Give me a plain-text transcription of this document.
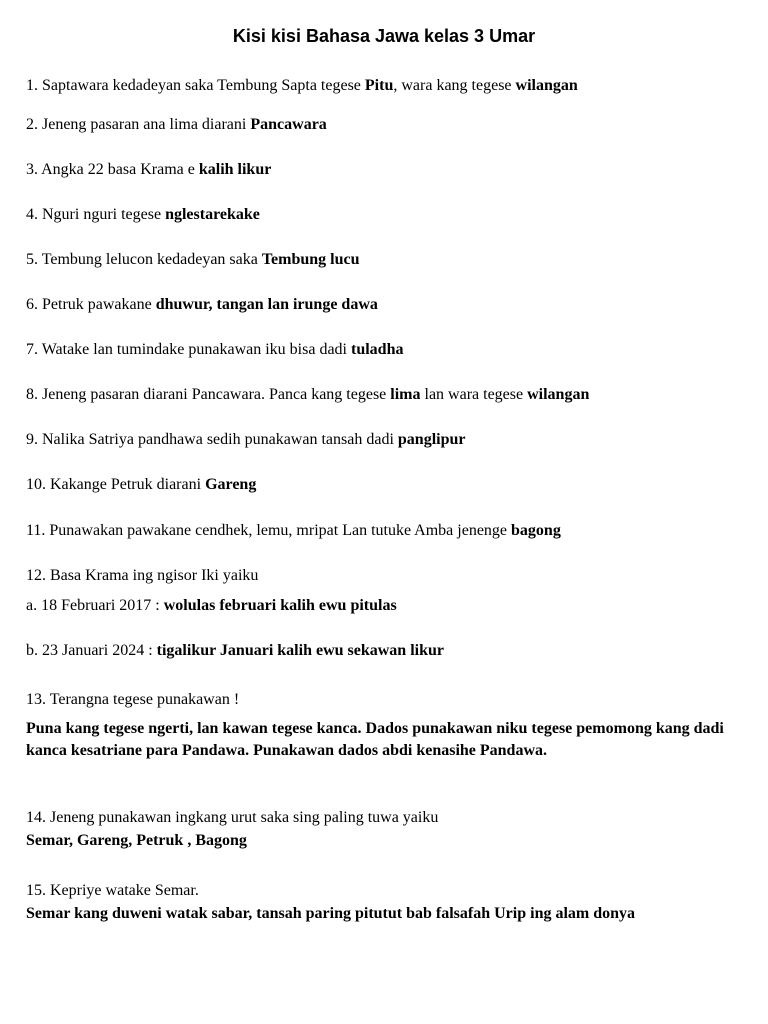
Kisi kisi Bahasa Jawa kelas 3 Umar
1. Saptawara kedadeyan saka Tembung Sapta tegese Pitu, wara kang tegese wilangan
2. Jeneng pasaran ana lima diarani Pancawara
3. Angka 22 basa Krama e kalih likur
4. Nguri nguri tegese nglestarekake
5. Tembung lelucon kedadeyan saka Tembung lucu
6. Petruk pawakane dhuwur, tangan lan irunge dawa
7. Watake lan tumindake punakawan iku bisa dadi tuladha
8. Jeneng pasaran diarani Pancawara. Panca kang tegese lima lan wara tegese wilangan
9. Nalika Satriya pandhawa sedih punakawan tansah dadi panglipur
10. Kakange Petruk diarani Gareng
11. Punawakan pawakane cendhek, lemu, mripat Lan tutuke Amba jenenge bagong
12. Basa Krama ing ngisor Iki yaiku
a. 18 Februari 2017 : wolulas februari kalih ewu pitulas
b. 23 Januari 2024 : tigalikur Januari kalih ewu sekawan likur
13. Terangna tegese punakawan !
Puna kang tegese ngerti, lan kawan tegese kanca. Dados punakawan niku tegese pemomong kang dadi kanca kesatriane para Pandawa. Punakawan dados abdi kenasihe Pandawa.
14. Jeneng punakawan ingkang urut saka sing paling tuwa yaiku
Semar, Gareng, Petruk , Bagong
15. Kepriye watake Semar.
Semar kang duweni watak sabar, tansah paring pitutut bab falsafah Urip ing alam donya
